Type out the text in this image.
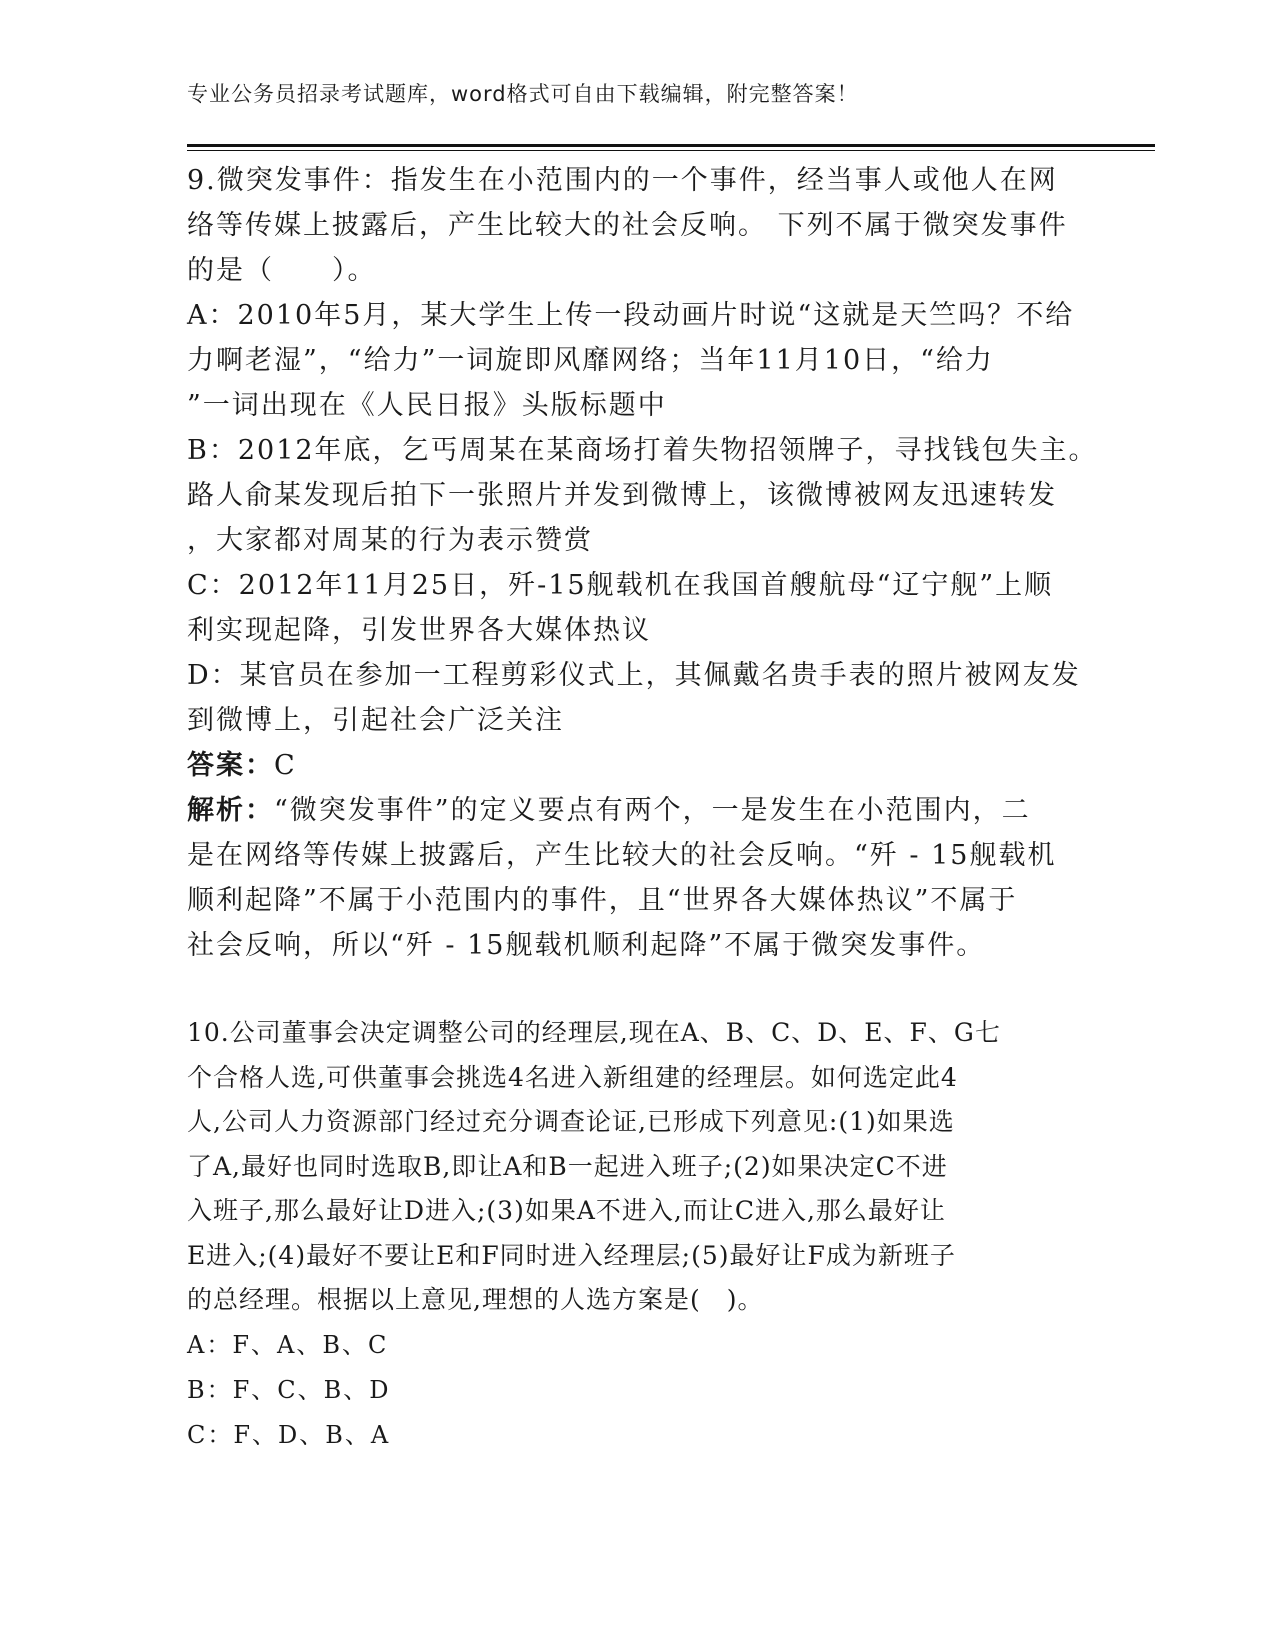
专业公务员招录考试题库，word格式可自由下载编辑，附完整答案！
9.微突发事件：指发生在小范围内的一个事件，经当事人或他人在网
络等传媒上披露后，产生比较大的社会反响。 下列不属于微突发事件
的是（　　）。
A：2010年5月，某大学生上传一段动画片时说“这就是天竺吗？不给
力啊老湿”，“给力”一词旋即风靡网络；当年11月10日，“给力
”一词出现在《人民日报》头版标题中
B：2012年底，乞丐周某在某商场打着失物招领牌子，寻找钱包失主。
路人俞某发现后拍下一张照片并发到微博上，该微博被网友迅速转发
，大家都对周某的行为表示赞赏
C：2012年11月25日，歼-15舰载机在我国首艘航母“辽宁舰”上顺
利实现起降，引发世界各大媒体热议
D：某官员在参加一工程剪彩仪式上，其佩戴名贵手表的照片被网友发
到微博上，引起社会广泛关注
答案：C
解析：“微突发事件”的定义要点有两个，一是发生在小范围内，二
是在网络等传媒上披露后，产生比较大的社会反响。“歼 - 15舰载机
顺利起降”不属于小范围内的事件，且“世界各大媒体热议”不属于
社会反响，所以“歼 - 15舰载机顺利起降”不属于微突发事件。
10.公司董事会决定调整公司的经理层,现在A、B、C、D、E、F、G七
个合格人选,可供董事会挑选4名进入新组建的经理层。如何选定此4
人,公司人力资源部门经过充分调查论证,已形成下列意见:(1)如果选
了A,最好也同时选取B,即让A和B一起进入班子;(2)如果决定C不进
入班子,那么最好让D进入;(3)如果A不进入,而让C进入,那么最好让
E进入;(4)最好不要让E和F同时进入经理层;(5)最好让F成为新班子
的总经理。根据以上意见,理想的人选方案是(　)。
A：F、A、B、C
B：F、C、B、D
C：F、D、B、A
